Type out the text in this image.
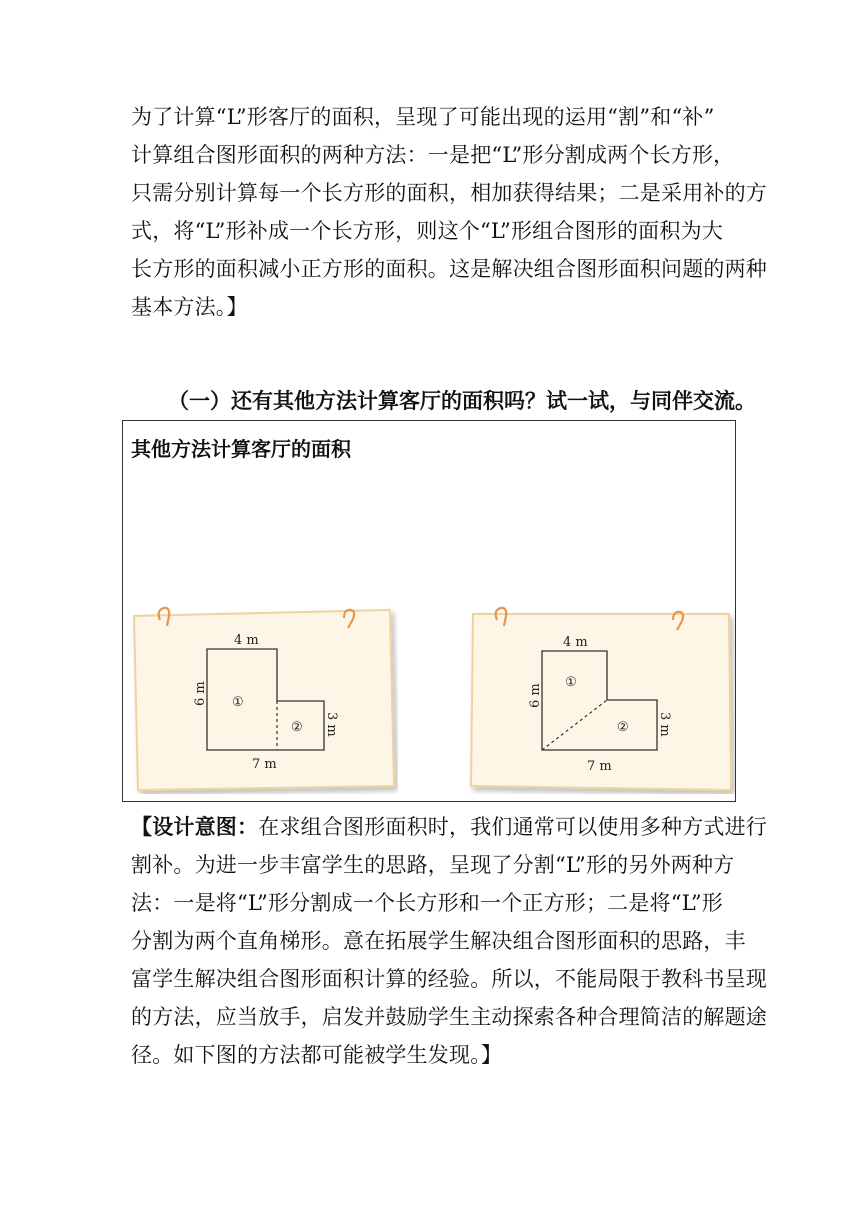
为了计算“L”形客厅的面积，呈现了可能出现的运用“割”和“补”

计算组合图形面积的两种方法：一是把“L”形分割成两个长方形，

只需分别计算每一个长方形的面积，相加获得结果；二是采用补的方

式，将“L”形补成一个长方形，则这个“L”形组合图形的面积为大

长方形的面积减小正方形的面积。这是解决组合图形面积问题的两种

基本方法。】

（一）还有其他方法计算客厅的面积吗？试一试，与同伴交流。
其他方法计算客厅的面积
4 m
6 m
3 m
7 m
①
②
4 m
6 m
3 m
7 m
①
②

【设计意图：在求组合图形面积时，我们通常可以使用多种方式进行

割补。为进一步丰富学生的思路，呈现了分割“L”形的另外两种方

法：一是将“L”形分割成一个长方形和一个正方形；二是将“L”形

分割为两个直角梯形。意在拓展学生解决组合图形面积的思路，丰

富学生解决组合图形面积计算的经验。所以，不能局限于教科书呈现

的方法，应当放手，启发并鼓励学生主动探索各种合理简洁的解题途

径。如下图的方法都可能被学生发现。】
